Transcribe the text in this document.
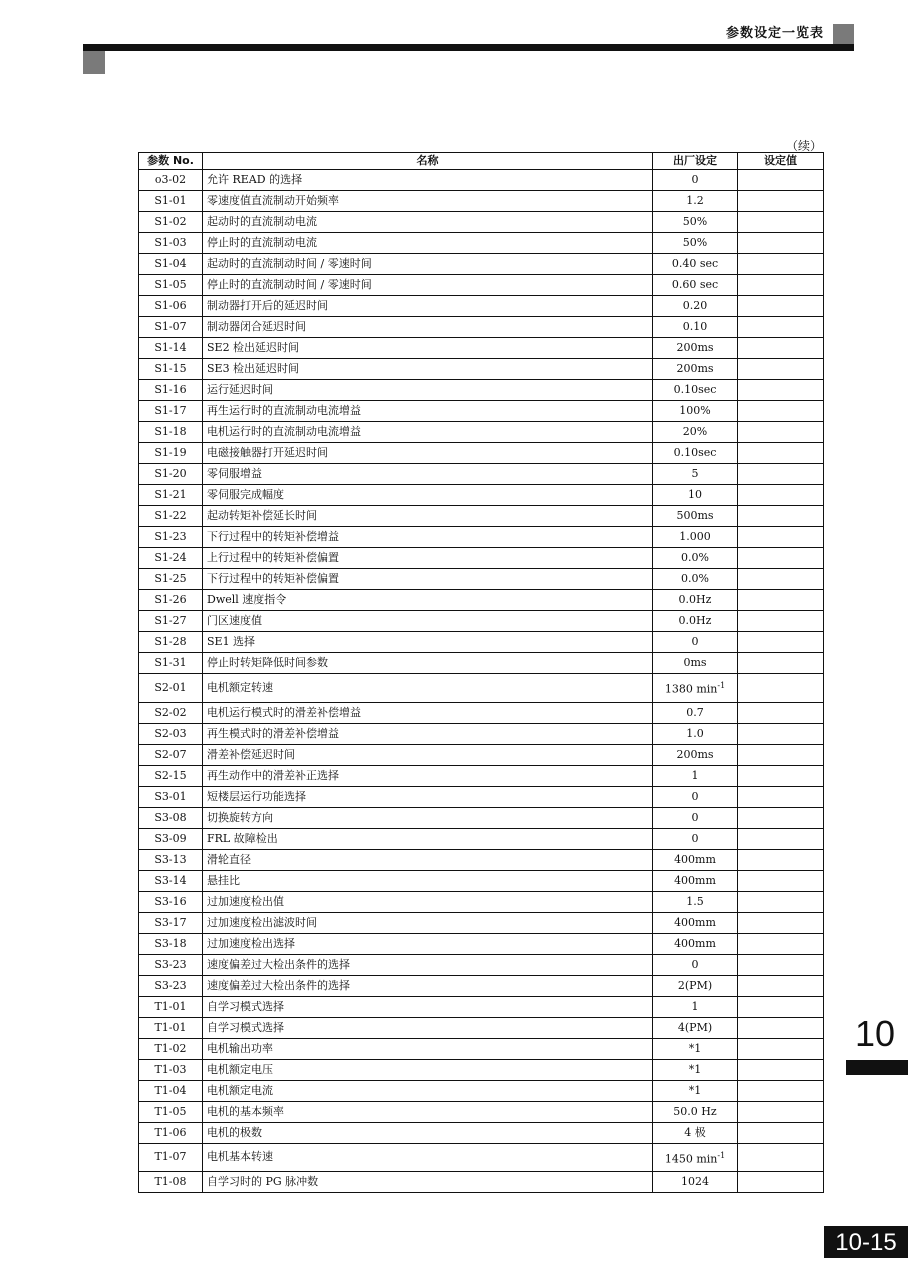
参数设定一览表
（续）
参数 No.	名称	出厂设定	设定值
o3-02	允许 READ 的选择	0	
S1-01	零速度值直流制动开始频率	1.2	
S1-02	起动时的直流制动电流	50%	
S1-03	停止时的直流制动电流	50%	
S1-04	起动时的直流制动时间 / 零速时间	0.40 sec	
S1-05	停止时的直流制动时间 / 零速时间	0.60 sec	
S1-06	制动器打开后的延迟时间	0.20	
S1-07	制动器闭合延迟时间	0.10	
S1-14	SE2 检出延迟时间	200ms	
S1-15	SE3 检出延迟时间	200ms	
S1-16	运行延迟时间	0.10sec	
S1-17	再生运行时的直流制动电流增益	100%	
S1-18	电机运行时的直流制动电流增益	20%	
S1-19	电磁接触器打开延迟时间	0.10sec	
S1-20	零伺服增益	5	
S1-21	零伺服完成幅度	10	
S1-22	起动转矩补偿延长时间	500ms	
S1-23	下行过程中的转矩补偿增益	1.000	
S1-24	上行过程中的转矩补偿偏置	0.0%	
S1-25	下行过程中的转矩补偿偏置	0.0%	
S1-26	Dwell 速度指令	0.0Hz	
S1-27	门区速度值	0.0Hz	
S1-28	SE1 选择	0	
S1-31	停止时转矩降低时间参数	0ms	
S2-01	电机额定转速	1380 $\min^{-1}$	
S2-02	电机运行模式时的滑差补偿增益	0.7	
S2-03	再生模式时的滑差补偿增益	1.0	
S2-07	滑差补偿延迟时间	200ms	
S2-15	再生动作中的滑差补正选择	1	
S3-01	短楼层运行功能选择	0	
S3-08	切换旋转方向	0	
S3-09	FRL 故障检出	0	
S3-13	滑轮直径	400mm	
S3-14	悬挂比	400mm	
S3-16	过加速度检出值	1.5	
S3-17	过加速度检出滤波时间	400mm	
S3-18	过加速度检出选择	400mm	
S3-23	速度偏差过大检出条件的选择	0	
S3-23	速度偏差过大检出条件的选择	2(PM)	
T1-01	自学习模式选择	1	
T1-01	自学习模式选择	4(PM)	
T1-02	电机输出功率	*1	
T1-03	电机额定电压	*1	
T1-04	电机额定电流	*1	
T1-05	电机的基本频率	50.0 Hz	
T1-06	电机的极数	4 极	
T1-07	电机基本转速	1450 $\min^{-1}$	
T1-08	自学习时的 PG 脉冲数	1024	
10
10-15
